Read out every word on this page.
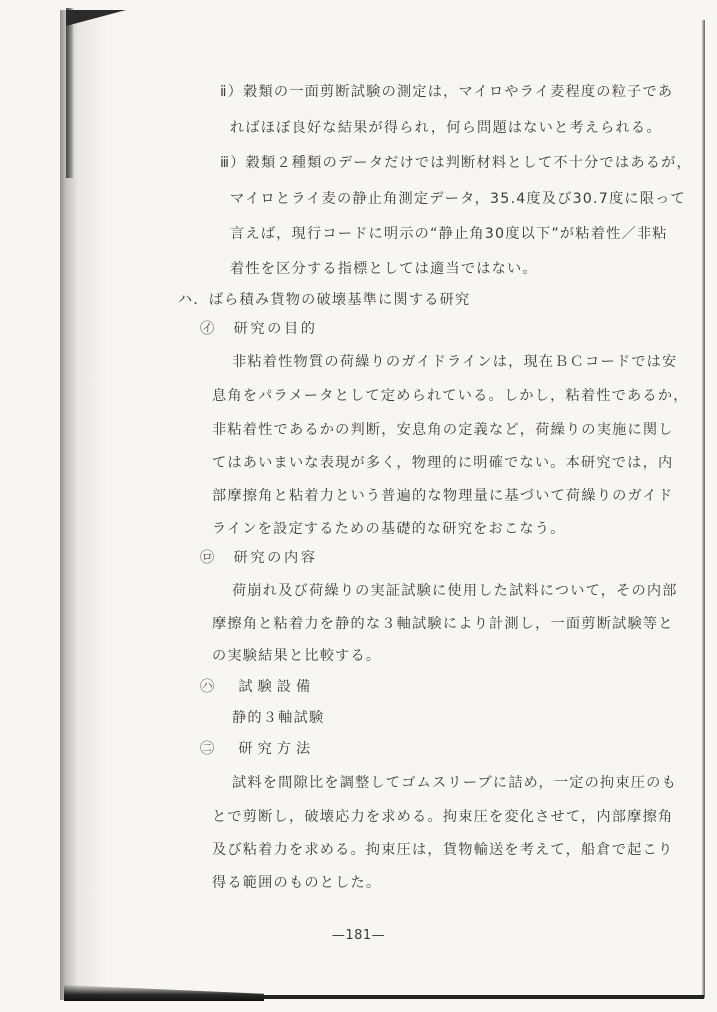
ⅱ）穀類の一面剪断試験の測定は，マイロやライ麦程度の粒子であ
ればほぼ良好な結果が得られ，何ら問題はないと考えられる。
ⅲ）穀類２種類のデータだけでは判断材料として不十分ではあるが，
マイロとライ麦の静止角測定データ，35.4度及び30.7度に限って
言えば，現行コードに明示の“静止角30度以下”が粘着性／非粘
着性を区分する指標としては適当ではない。
ハ．ばら積み貨物の破壊基準に関する研究
㋑　研究の目的
非粘着性物質の荷繰りのガイドラインは，現在ＢＣコードでは安
息角をパラメータとして定められている。しかし，粘着性であるか，
非粘着性であるかの判断，安息角の定義など，荷繰りの実施に関し
てはあいまいな表現が多く，物理的に明確でない。本研究では，内
部摩擦角と粘着力という普遍的な物理量に基づいて荷繰りのガイド
ラインを設定するための基礎的な研究をおこなう。
㋺　研究の内容
荷崩れ及び荷繰りの実証試験に使用した試料について，その内部
摩擦角と粘着力を静的な３軸試験により計測し，一面剪断試験等と
の実験結果と比較する。
㋩　試験設備
静的３軸試験
㊁　研究方法
試料を間隙比を調整してゴムスリーブに詰め，一定の拘束圧のも
とで剪断し，破壊応力を求める。拘束圧を変化させて，内部摩擦角
及び粘着力を求める。拘束圧は，貨物輸送を考えて，船倉で起こり
得る範囲のものとした。
—181—
